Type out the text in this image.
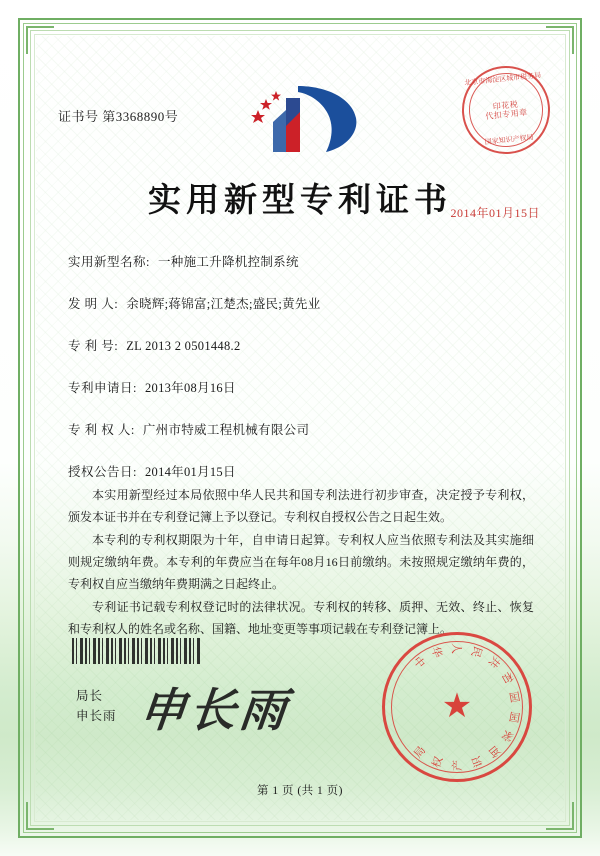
北京市海淀区城市税务局
印花税
代扣专用章
国家知识产权局
证书号 第3368890号
实用新型专利证书
实用新型名称: 一种施工升降机控制系统
发 明 人: 余晓辉;蒋锦富;江楚杰;盛民;黄先业
专 利 号: ZL 2013 2 0501448.2
专利申请日: 2013年08月16日
专 利 权 人: 广州市特威工程机械有限公司
授权公告日: 2014年01月15日

本实用新型经过本局依照中华人民共和国专利法进行初步审查，决定授予专利权，颁发本证书并在专利登记簿上予以登记。专利权自授权公告之日起生效。

本专利的专利权期限为十年，自申请日起算。专利权人应当依照专利法及其实施细则规定缴纳年费。本专利的年费应当在每年08月16日前缴纳。未按照规定缴纳年费的，专利权自应当缴纳年费期满之日起终止。

专利证书记载专利权登记时的法律状况。专利权的转移、质押、无效、终止、恢复和专利权人的姓名或名称、国籍、地址变更等事项记载在专利登记簿上。

局长
申长雨 申长雨	★
中
华 人 民
共
和
国
国
家
知
识
产
权
局
2014年01月15日
第 1 页 (共 1 页)
